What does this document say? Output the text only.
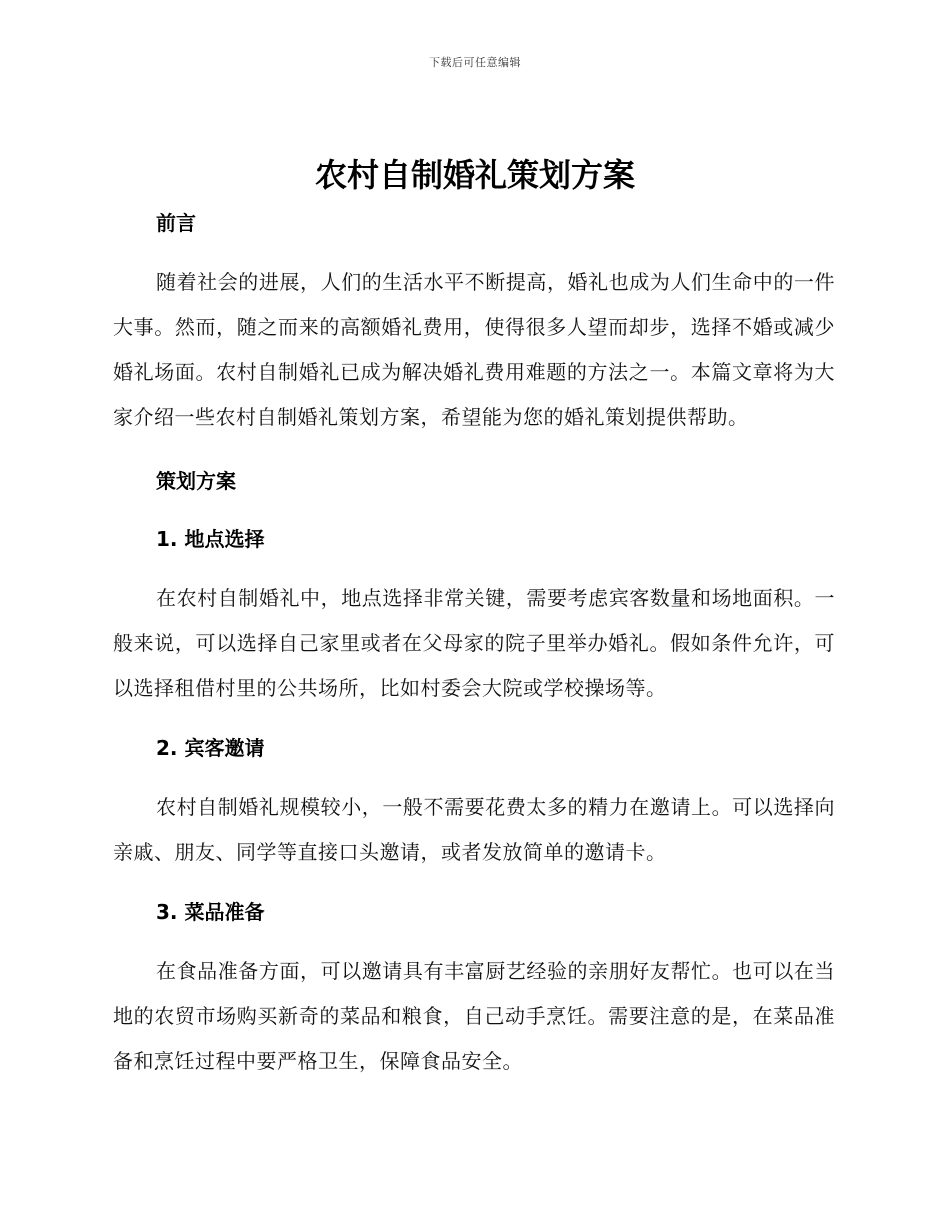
下载后可任意编辑
农村自制婚礼策划方案
前言

随着社会的进展，人们的生活水平不断提高，婚礼也成为人们生命中的一件大事。然而，随之而来的高额婚礼费用，使得很多人望而却步，选择不婚或减少婚礼场面。农村自制婚礼已成为解决婚礼费用难题的方法之一。本篇文章将为大家介绍一些农村自制婚礼策划方案，希望能为您的婚礼策划提供帮助。

策划方案
1. 地点选择

在农村自制婚礼中，地点选择非常关键，需要考虑宾客数量和场地面积。一般来说，可以选择自己家里或者在父母家的院子里举办婚礼。假如条件允许，可以选择租借村里的公共场所，比如村委会大院或学校操场等。

2. 宾客邀请

农村自制婚礼规模较小，一般不需要花费太多的精力在邀请上。可以选择向亲戚、朋友、同学等直接口头邀请，或者发放简单的邀请卡。

3. 菜品准备

在食品准备方面，可以邀请具有丰富厨艺经验的亲朋好友帮忙。也可以在当地的农贸市场购买新奇的菜品和粮食，自己动手烹饪。需要注意的是，在菜品准备和烹饪过程中要严格卫生，保障食品安全。
